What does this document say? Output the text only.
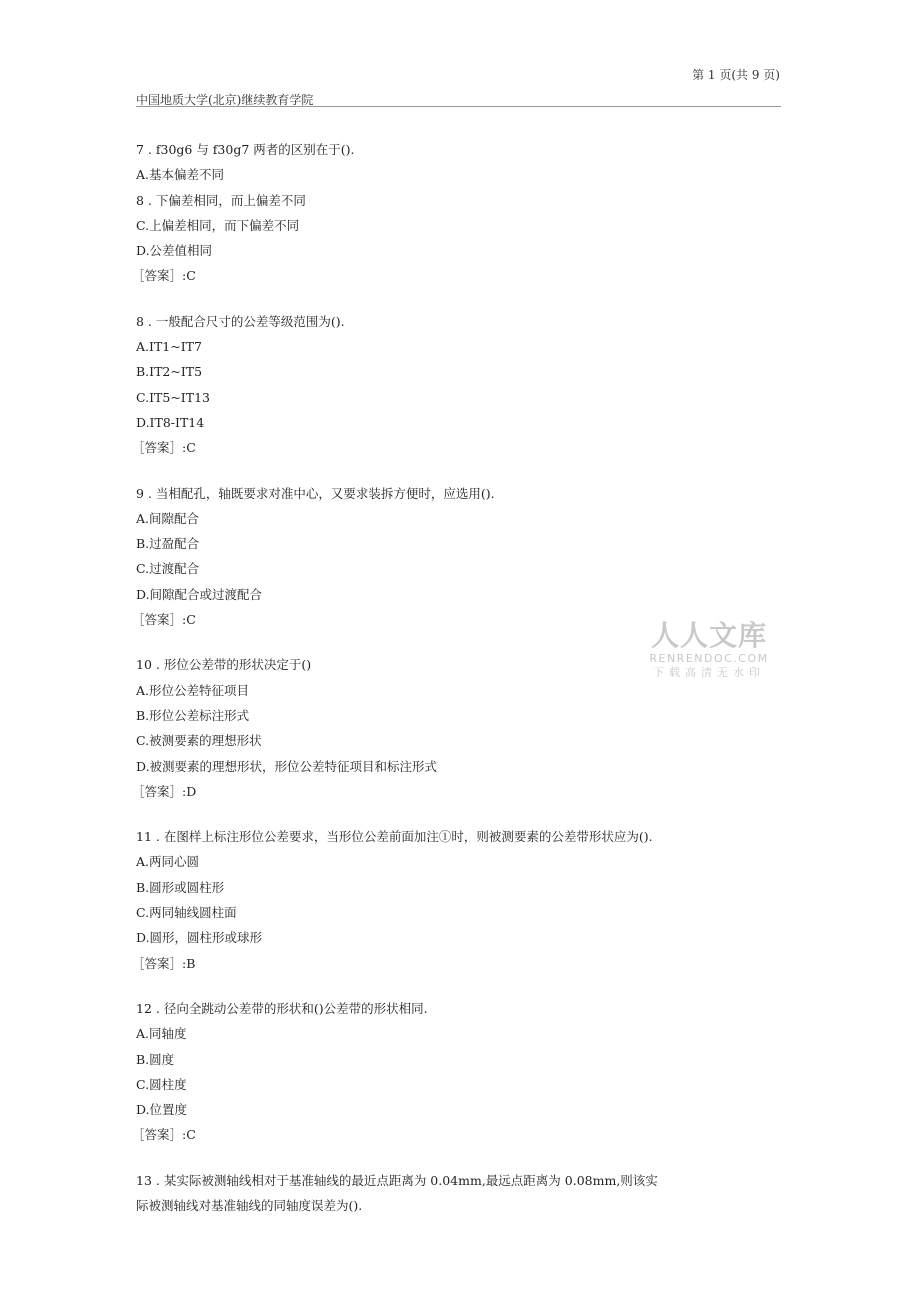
第 1 页(共 9 页)
中国地质大学(北京)继续教育学院
7 . f30g6 与 f30g7 两者的区别在于().
A.基本偏差不同
8 . 下偏差相同，而上偏差不同
C.上偏差相同，而下偏差不同
D.公差值相同
［答案］:C
8 . 一般配合尺寸的公差等级范围为().
A.IT1~IT7
B.IT2~IT5
C.IT5~IT13
D.IT8-IT14
［答案］:C
9 . 当相配孔，轴既要求对准中心，又要求装拆方便时，应选用().
A.间隙配合
B.过盈配合
C.过渡配合
D.间隙配合或过渡配合
［答案］:C
10 . 形位公差带的形状决定于()
A.形位公差特征项目
B.形位公差标注形式
C.被测要素的理想形状
D.被测要素的理想形状，形位公差特征项目和标注形式
［答案］:D
11 . 在图样上标注形位公差要求，当形位公差前面加注①时，则被测要素的公差带形状应为().
A.两同心圆
B.圆形或圆柱形
C.两同轴线圆柱面
D.圆形，圆柱形或球形
［答案］:B
12 . 径向全跳动公差带的形状和()公差带的形状相同.
A.同轴度
B.圆度
C.圆柱度
D.位置度
［答案］:C
13 . 某实际被测轴线相对于基准轴线的最近点距离为 0.04mm,最远点距离为 0.08mm,则该实
际被测轴线对基准轴线的同轴度误差为().
人人文库
RENRENDOC.COM
下载高清无水印
